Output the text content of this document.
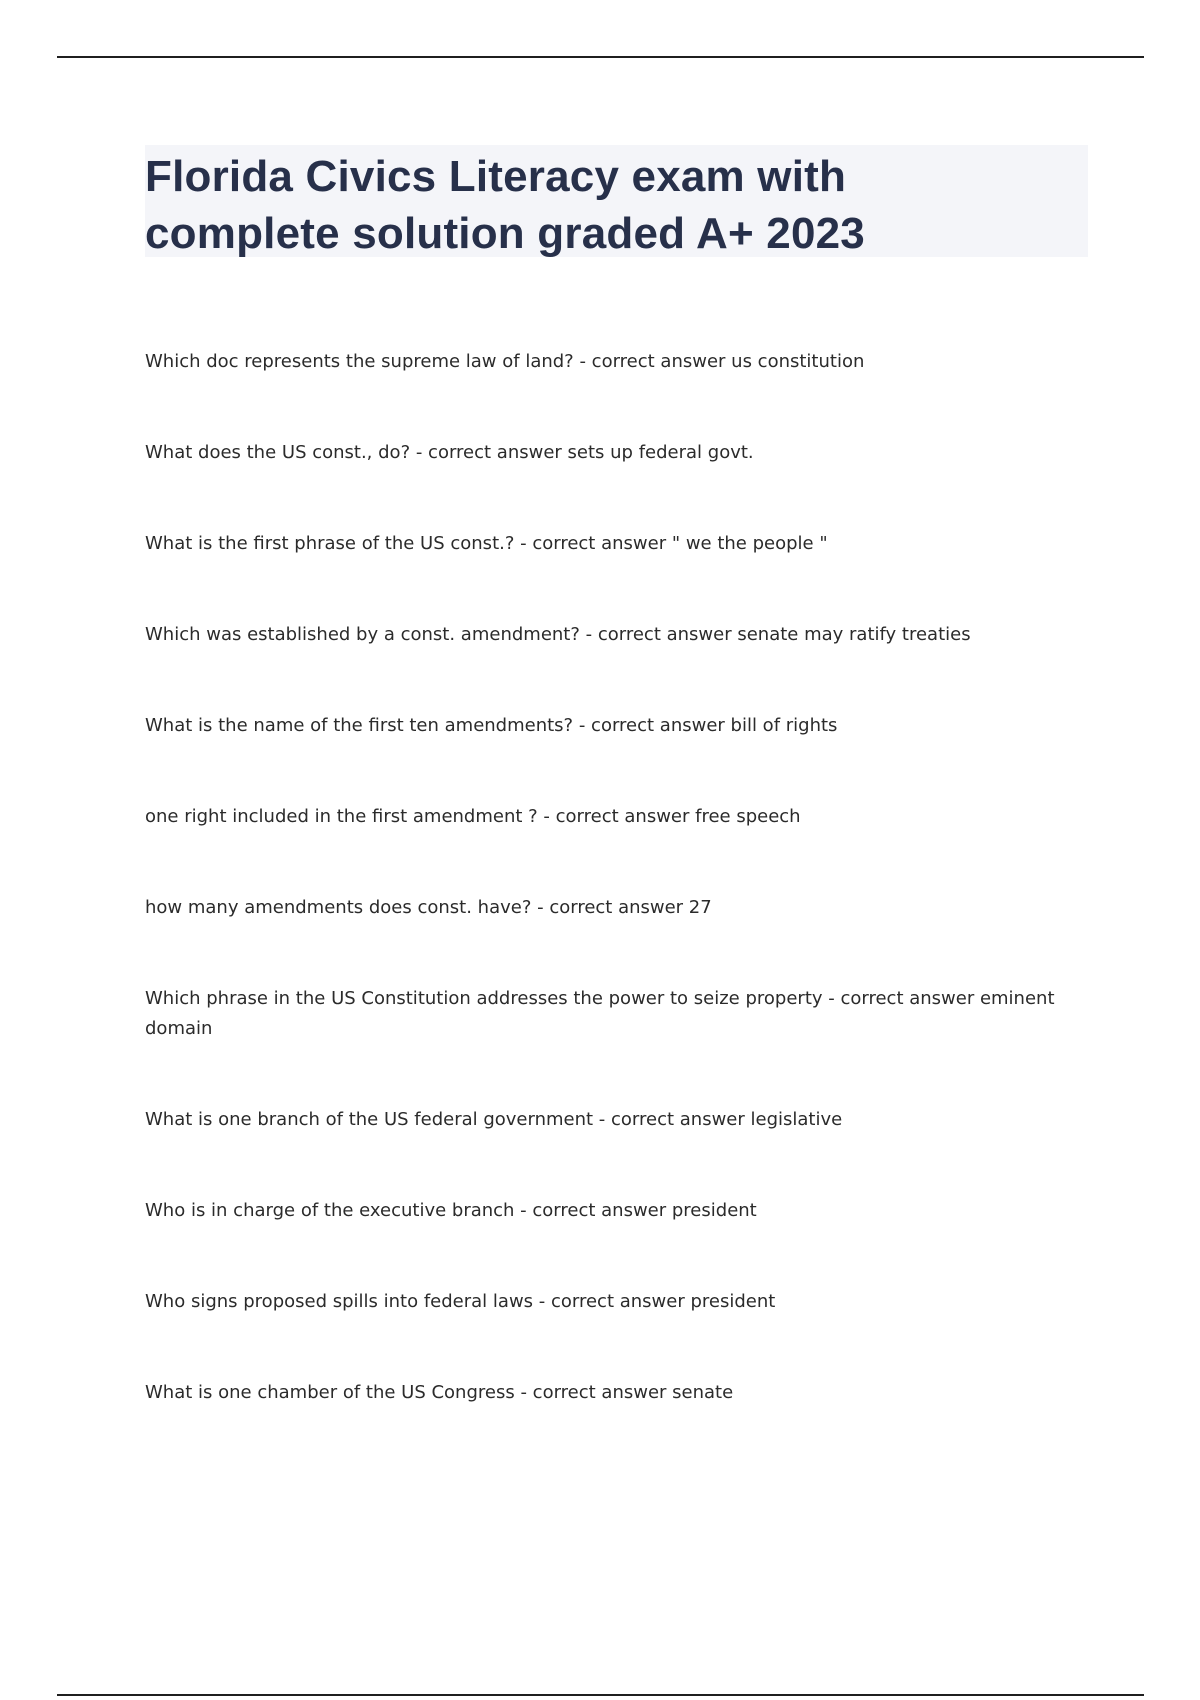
Florida Civics Literacy exam with
complete solution graded A+ 2023
Which doc represents the supreme law of land? - correct answer us constitution
What does the US const., do? - correct answer sets up federal govt.
What is the first phrase of the US const.? - correct answer " we the people "
Which was established by a const. amendment? - correct answer senate may ratify treaties
What is the name of the first ten amendments? - correct answer bill of rights
one right included in the first amendment ? - correct answer free speech
how many amendments does const. have? - correct answer 27
Which phrase in the US Constitution addresses the power to seize property - correct answer eminent domain
What is one branch of the US federal government - correct answer legislative
Who is in charge of the executive branch - correct answer president
Who signs proposed spills into federal laws - correct answer president
What is one chamber of the US Congress - correct answer senate
